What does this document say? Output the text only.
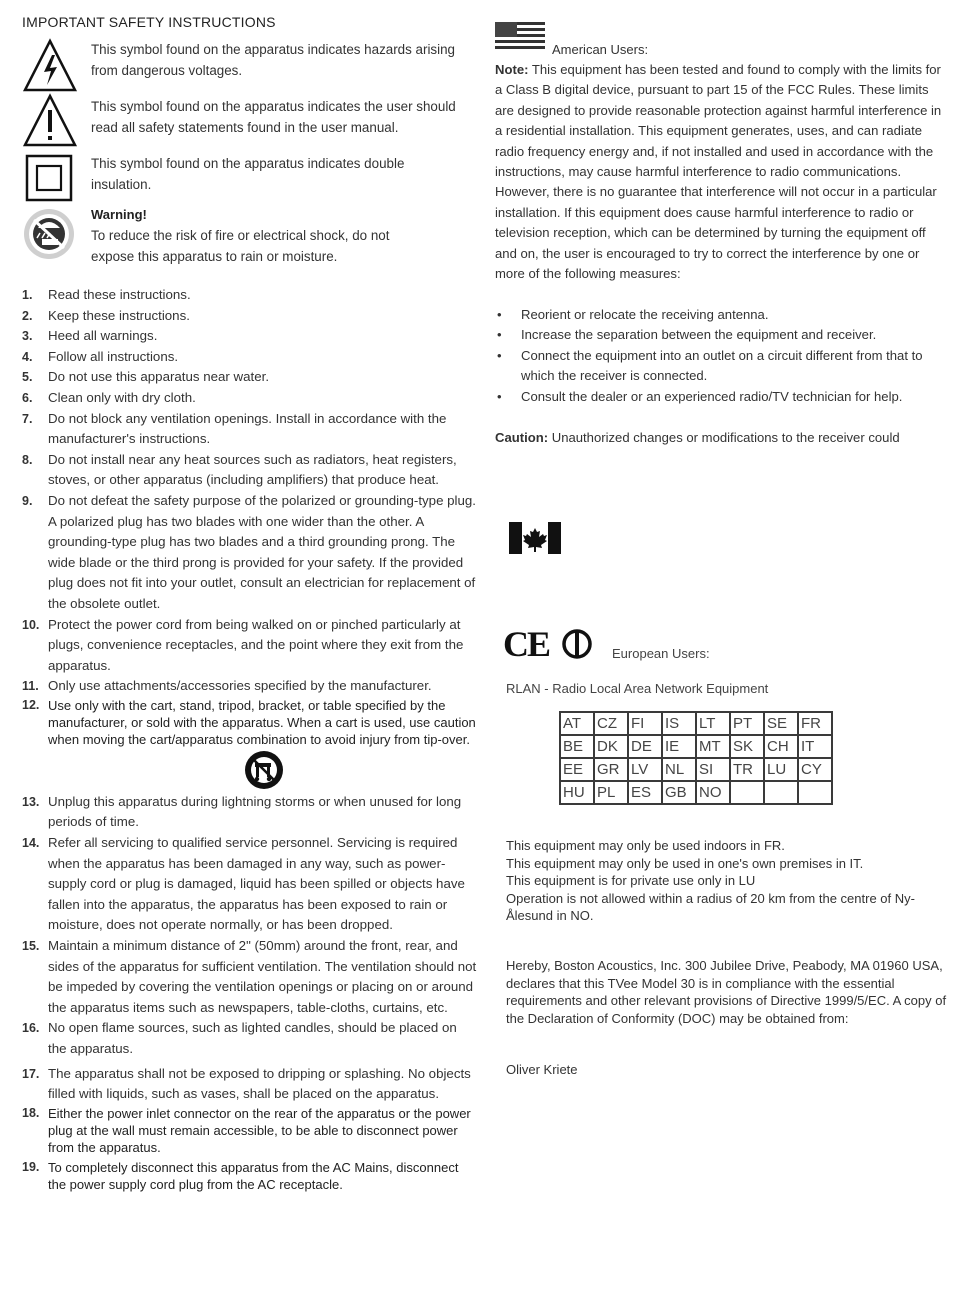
IMPORTANT SAFETY INSTRUCTIONS
This symbol found on the apparatus indicates hazards arising from dangerous voltages.
This symbol found on the apparatus indicates the user should read all safety statements found in the user manual.
This symbol found on the apparatus indicates double insulation.
Warning!
To reduce the risk of fire or electrical shock, do not expose this apparatus to rain or moisture.
1. Read these instructions.
2. Keep these instructions.
3. Heed all warnings.
4. Follow all instructions.
5. Do not use this apparatus near water.
6. Clean only with dry cloth.
7. Do not block any ventilation openings. Install in accordance with the manufacturer's instructions.
8. Do not install near any heat sources such as radiators, heat registers, stoves, or other apparatus (including amplifiers) that produce heat.
9. Do not defeat the safety purpose of the polarized or grounding-type plug. A polarized plug has two blades with one wider than the other. A grounding-type plug has two blades and a third grounding prong. The wide blade or the third prong is provided for your safety. If the provided plug does not fit into your outlet, consult an electrician for replacement of the obsolete outlet.
10. Protect the power cord from being walked on or pinched particularly at plugs, convenience receptacles, and the point where they exit from the apparatus.
11. Only use attachments/accessories specified by the manufacturer.
12. Use only with the cart, stand, tripod, bracket, or table specified by the manufacturer, or sold with the apparatus. When a cart is used, use caution when moving the cart/apparatus combination to avoid injury from tip-over.
13. Unplug this apparatus during lightning storms or when unused for long periods of time.
14. Refer all servicing to qualified service personnel. Servicing is required when the apparatus has been damaged in any way, such as power-supply cord or plug is damaged, liquid has been spilled or objects have fallen into the apparatus, the apparatus has been exposed to rain or moisture, does not operate normally, or has been dropped.
15. Maintain a minimum distance of 2" (50mm) around the front, rear, and sides of the apparatus for sufficient ventilation. The ventilation should not be impeded by covering the ventilation openings or placing on or around the apparatus items such as newspapers, table-cloths, curtains, etc.
16. No open flame sources, such as lighted candles, should be placed on the apparatus.
17. The apparatus shall not be exposed to dripping or splashing. No objects filled with liquids, such as vases, shall be placed on the apparatus.
18. Either the power inlet connector on the rear of the apparatus or the power plug at the wall must remain accessible, to be able to disconnect power from the apparatus.
19. To completely disconnect this apparatus from the AC Mains, disconnect the power supply cord plug from the AC receptacle.
American Users:
Note: This equipment has been tested and found to comply with the limits for a Class B digital device, pursuant to part 15 of the FCC Rules. These limits are designed to provide reasonable protection against harmful interference in a residential installation. This equipment generates, uses, and can radiate radio frequency energy and, if not installed and used in accordance with the instructions, may cause harmful interference to radio communications. However, there is no guarantee that interference will not occur in a particular installation. If this equipment does cause harmful interference to radio or television reception, which can be determined by turning the equipment off and on, the user is encouraged to try to correct the interference by one or more of the following measures:
• Reorient or relocate the receiving antenna.
• Increase the separation between the equipment and receiver.
• Connect the equipment into an outlet on a circuit different from that to which the receiver is connected.
• Consult the dealer or an experienced radio/TV technician for help.
Caution: Unauthorized changes or modifications to the receiver could
CE	European Users:
RLAN - Radio Local Area Network Equipment
AT	CZ	FI	IS	LT	PT	SE	FR
BE	DK	DE	IE	MT	SK	CH	IT
EE	GR	LV	NL	SI	TR	LU	CY
HU	PL	ES	GB	NO			
This equipment may only be used indoors in FR.
This equipment may only be used in one's own premises in IT.
This equipment is for private use only in LU
Operation is not allowed within a radius of 20 km from the centre of Ny-Ålesund in NO.
Hereby, Boston Acoustics, Inc. 300 Jubilee Drive, Peabody, MA 01960 USA, declares that this TVee Model 30 is in compliance with the essential requirements and other relevant provisions of Directive 1999/5/EC. A copy of the Declaration of Conformity (DOC) may be obtained from:
Oliver Kriete
